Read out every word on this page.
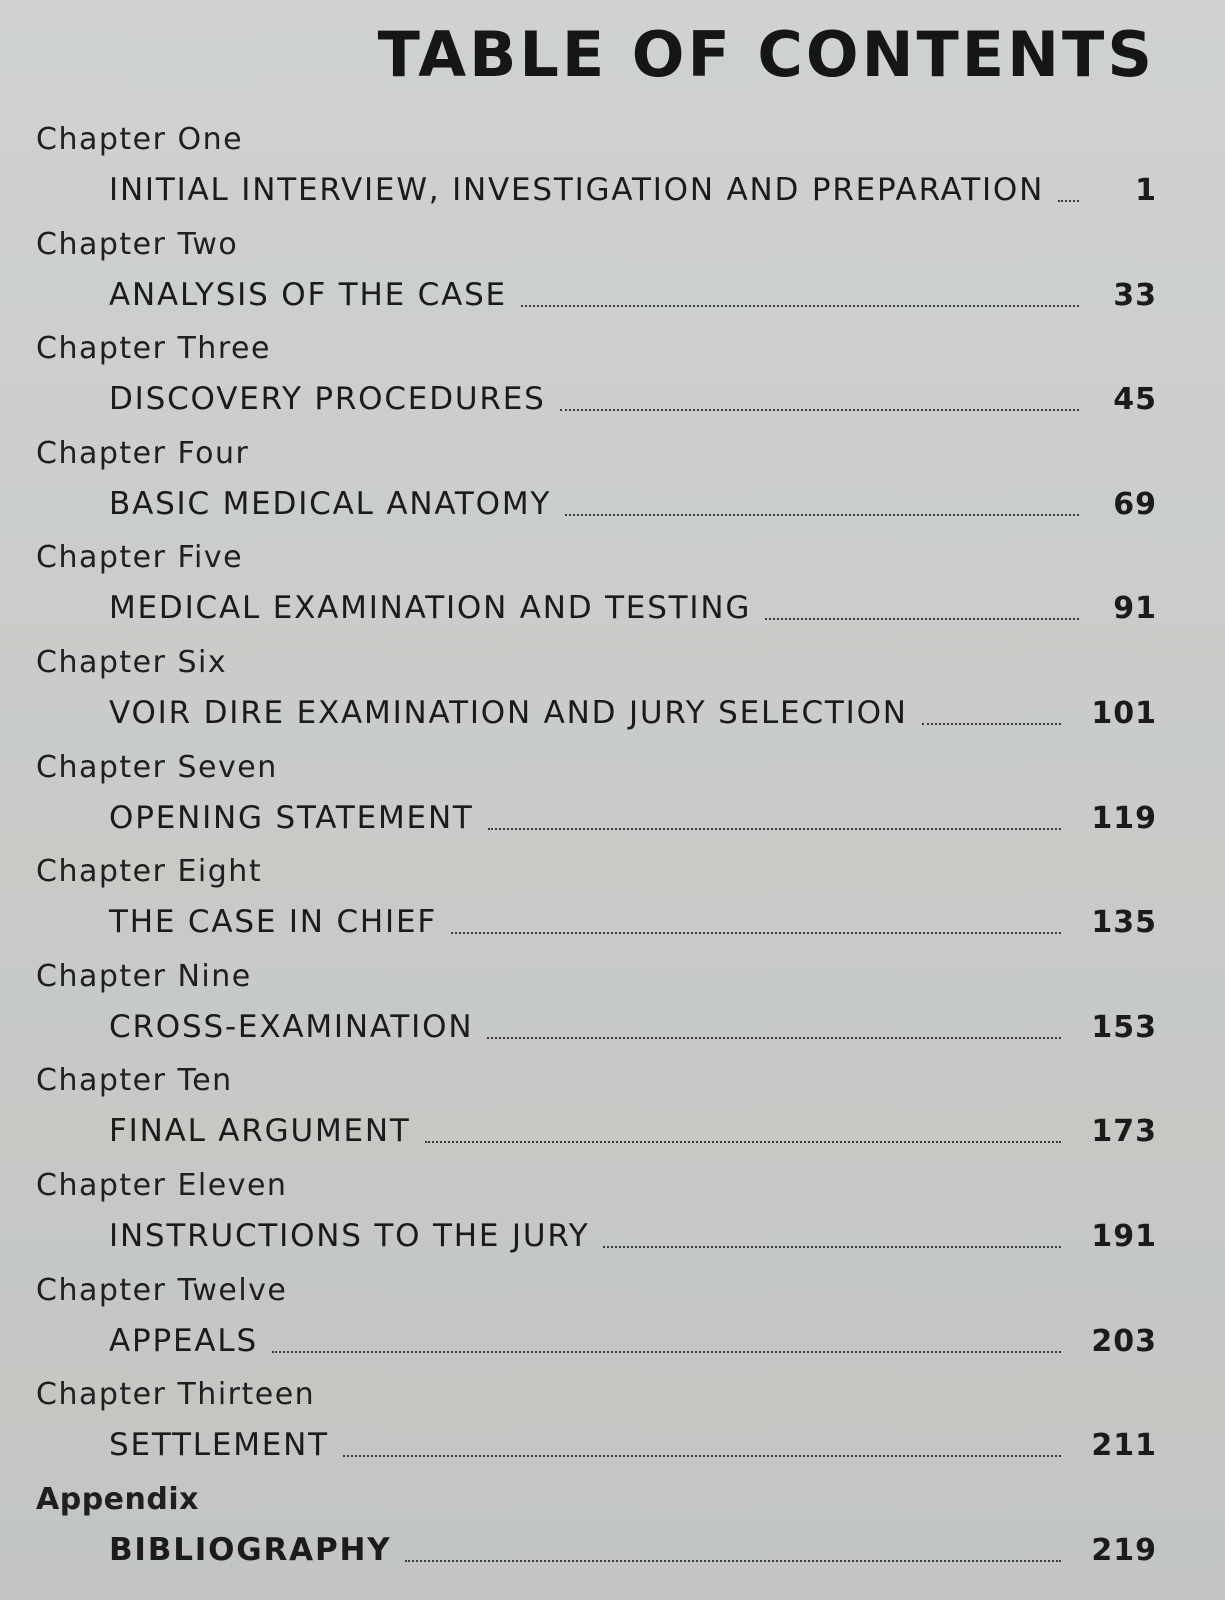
TABLE OF CONTENTS
Chapter One
INITIAL INTERVIEW, INVESTIGATION AND PREPARATION	1
Chapter Two
ANALYSIS OF THE CASE	33
Chapter Three
DISCOVERY PROCEDURES	45
Chapter Four
BASIC MEDICAL ANATOMY	69
Chapter Five
MEDICAL EXAMINATION AND TESTING	91
Chapter Six
VOIR DIRE EXAMINATION AND JURY SELECTION	101
Chapter Seven
OPENING STATEMENT	119
Chapter Eight
THE CASE IN CHIEF	135
Chapter Nine
CROSS-EXAMINATION	153
Chapter Ten
FINAL ARGUMENT	173
Chapter Eleven
INSTRUCTIONS TO THE JURY	191
Chapter Twelve
APPEALS	203
Chapter Thirteen
SETTLEMENT	211
Appendix
BIBLIOGRAPHY	219
